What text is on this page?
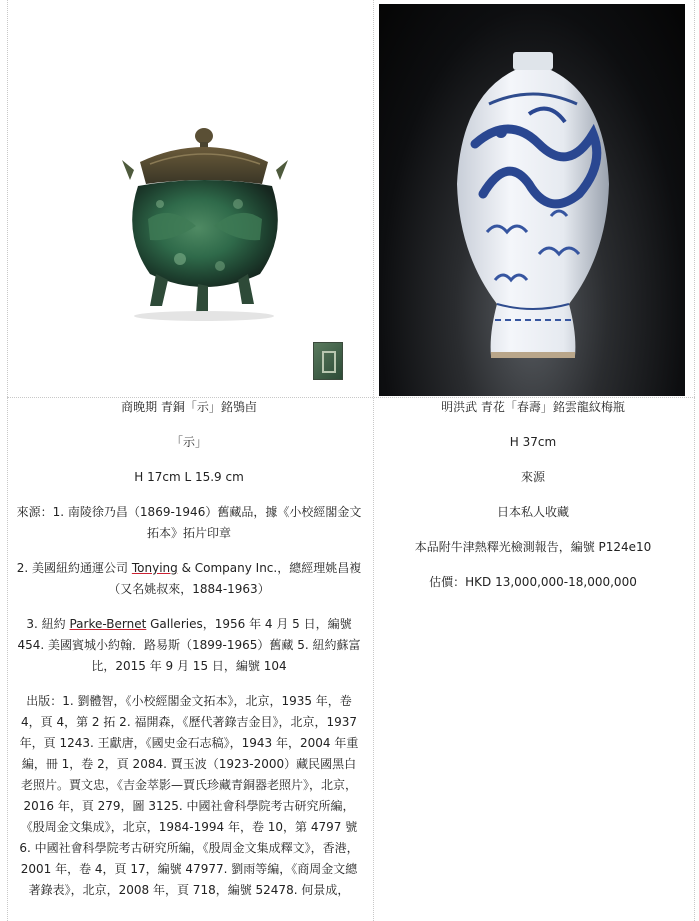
商晚期 青銅「示」銘鴞卣

「示」

H 17cm L 15.9 cm

來源：1. 南陵徐乃昌（1869-1946）舊藏品，據《小校經閣金文拓本》拓片印章

2. 美國紐約通運公司 Tonying & Company Inc.，總經理姚昌複（又名姚叔來，1884-1963）

3. 紐約 Parke-Bernet Galleries，1956 年 4 月 5 日，編號 454. 美國賓城小約翰．路易斯（1899-1965）舊藏 5. 紐約蘇富比，2015 年 9 月 15 日，編號 104

出版：1. 劉體智，《小校經閣金文拓本》，北京，1935 年，卷 4，頁 4，第 2 拓 2. 福開森，《歷代著錄吉金目》，北京，1937 年，頁 1243. 王獻唐，《國史金石志稿》，1943 年，2004 年重編，冊 1，卷 2，頁 2084. 賈玉波（1923-2000）藏民國黑白老照片。賈文忠，《吉金萃影—賈氏珍藏青銅器老照片》，北京，2016 年，頁 279，圖 3125. 中國社會科學院考古研究所編，《殷周金文集成》，北京，1984-1994 年，卷 10，第 4797 號 6. 中國社會科學院考古研究所編，《殷周金文集成釋文》，香港，2001 年，卷 4，頁 17，編號 47977. 劉雨等編，《商周金文總著錄表》，北京，2008 年，頁 718，編號 52478. 何景成，

明洪武 青花「春壽」銘雲龍紋梅瓶

H 37cm

來源

日本私人收藏

本品附牛津熱釋光檢測報告，編號 P124e10

估價：HKD 13,000,000-18,000,000
